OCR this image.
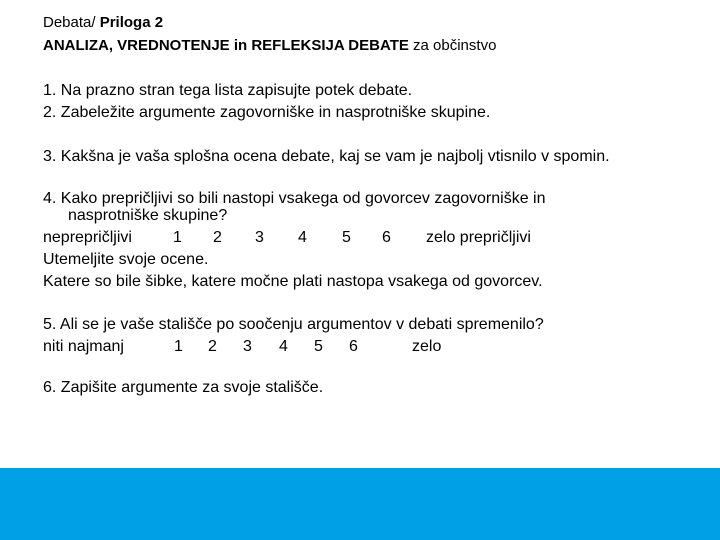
Debata/ Priloga 2
ANALIZA, VREDNOTENJE in REFLEKSIJA DEBATE za občinstvo
1. Na prazno stran tega lista zapisujte potek debate.
2. Zabeležite argumente zagovorniške in nasprotniške skupine.
3. Kakšna je vaša splošna ocena debate, kaj se vam je najbolj vtisnilo v spomin.
4. Kako prepričljivi so bili nastopi vsakega od govorcev zagovorniške in
nasprotniške skupine?
neprepričljivi	1 2 3 4 5 6 zelo prepričljivi
Utemeljite svoje ocene.
Katere so bile šibke, katere močne plati nastopa vsakega od govorcev.
5. Ali se je vaše stališče po soočenju argumentov v debati spremenilo?
niti najmanj	1 2 3 4 5 6	zelo
6. Zapišite argumente za svoje stališče.
